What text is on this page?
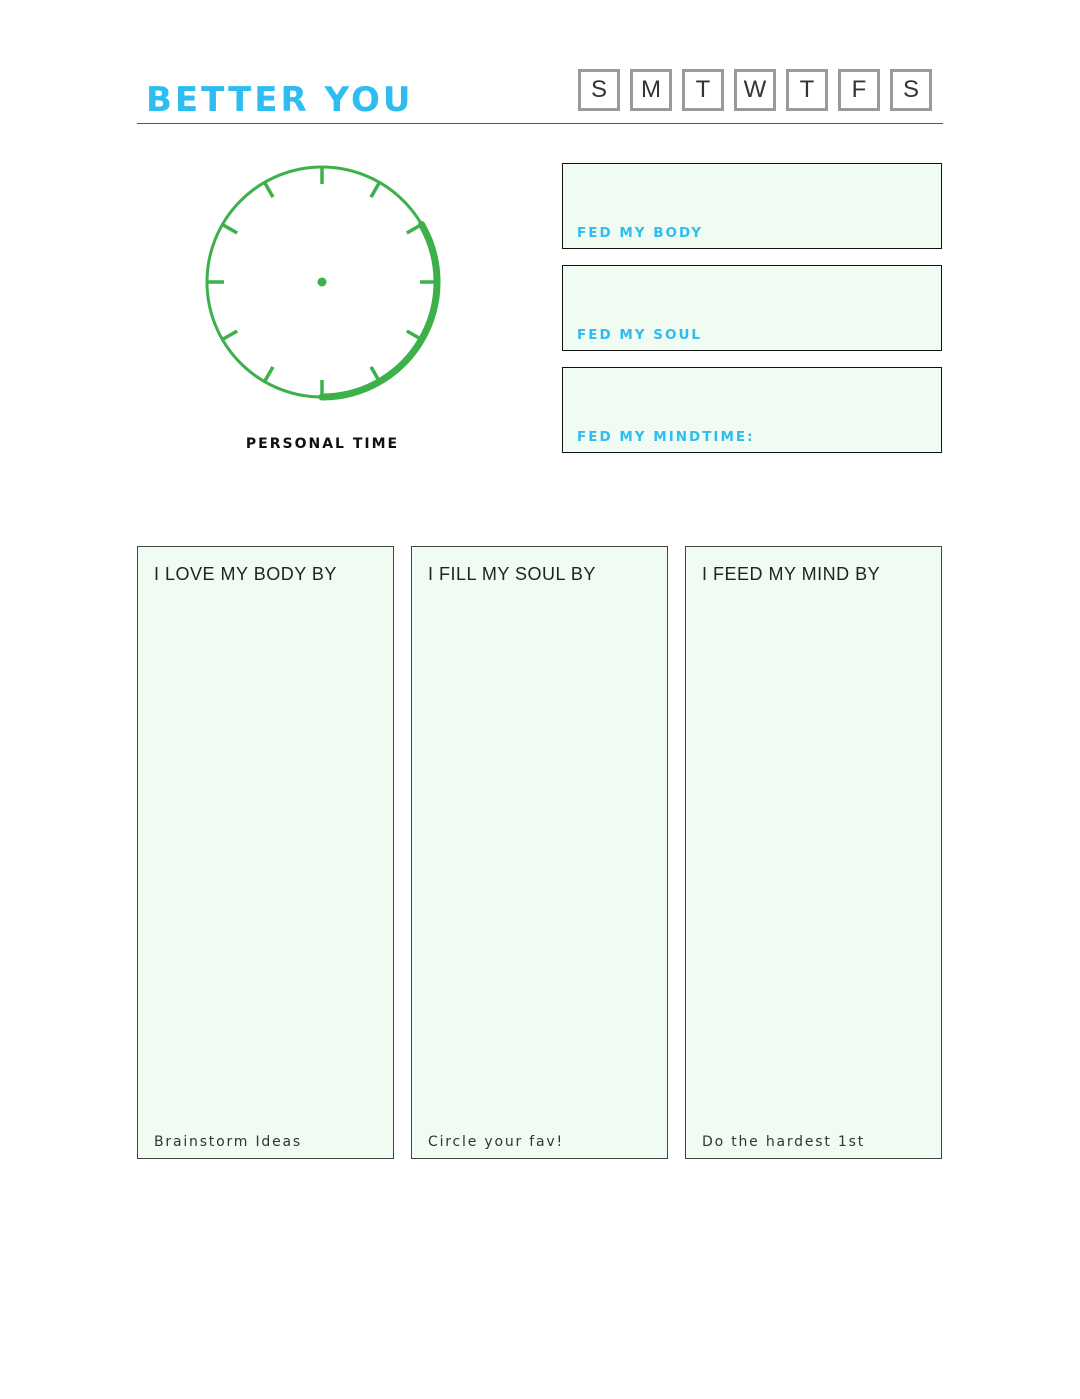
BETTER YOU	S	M	T	W	T	F	S
PERSONAL TIME
FED MY BODY
FED MY SOUL
FED MY MINDTIME:
I LOVE MY BODY BY
Brainstorm Ideas
I FILL MY SOUL BY
Circle your fav!
I FEED MY MIND BY
Do the hardest 1st
